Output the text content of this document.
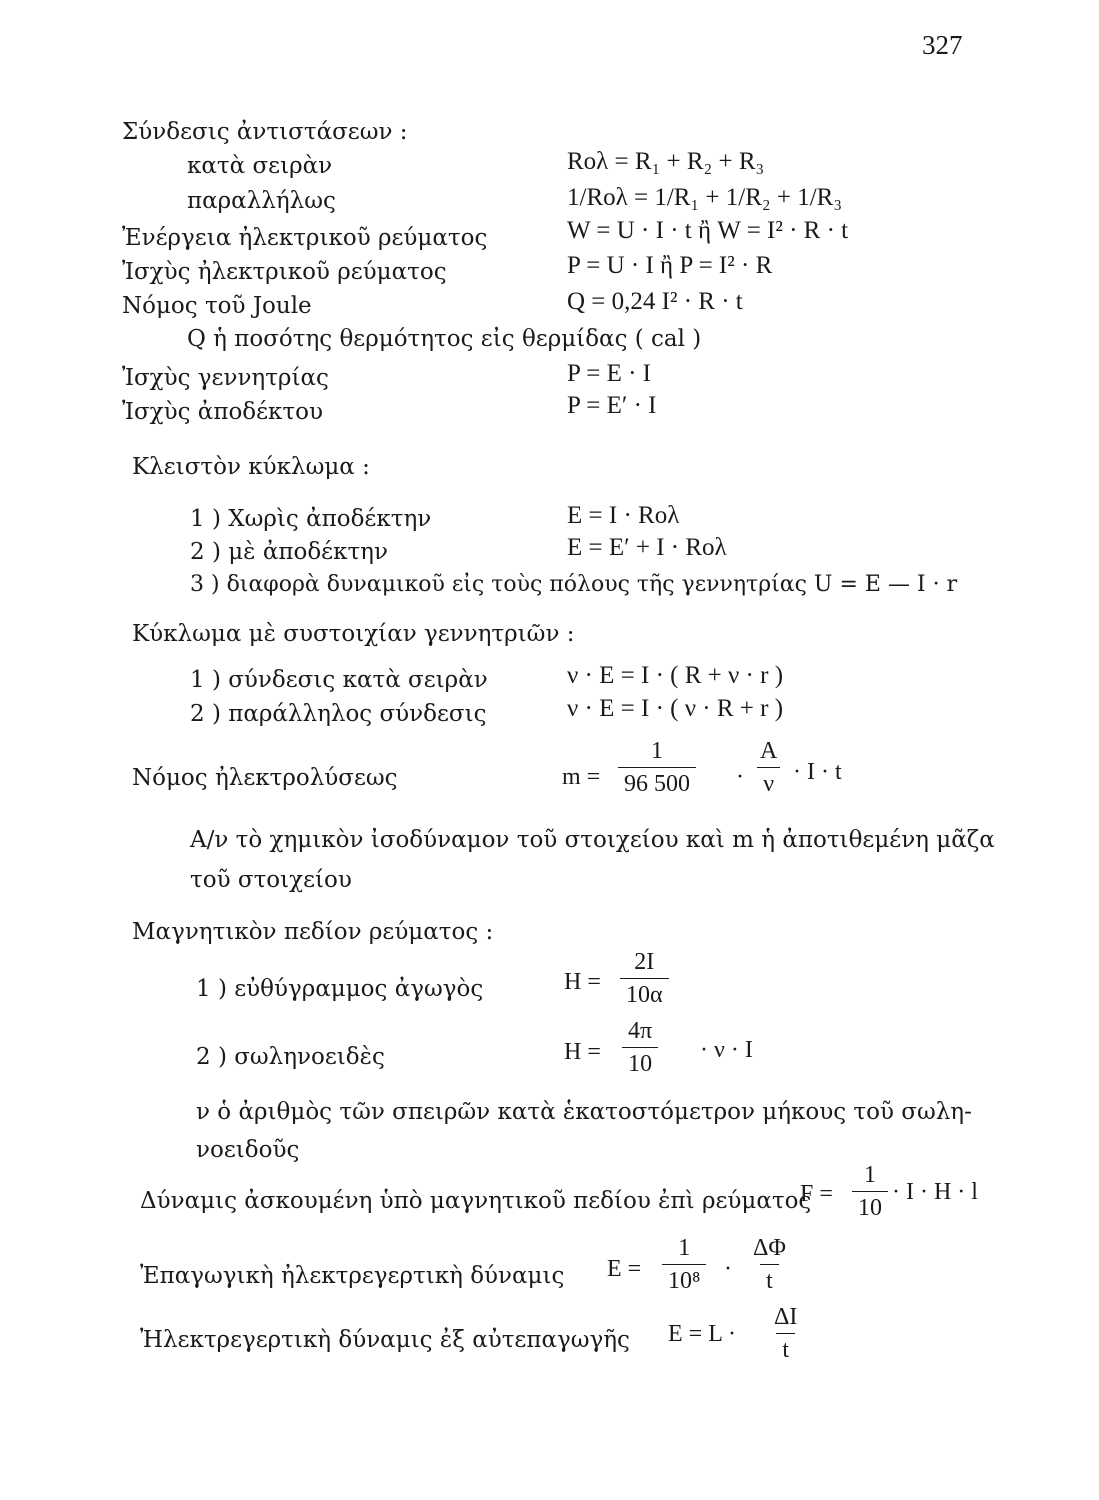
327
Σύνδεσις ἀντιστάσεων :
κατὰ σειρὰν	Rολ = R₁ + R₂ + R₃
παραλλήλως	1/Rολ = 1/R₁ + 1/R₂ + 1/R₃
Ἐνέργεια ἠλεκτρικοῦ ρεύματος	W = U · I · t ἢ W = I² · R · t
Ἰσχὺς ἠλεκτρικοῦ ρεύματος	P = U · I ἢ P = I² · R
Νόμος τοῦ Joule	Q = 0,24 I² · R · t
Q ἡ ποσότης θερμότητος εἰς θερμίδας ( cal )
Ἰσχὺς γεννητρίας	P = E · I
Ἰσχὺς ἀποδέκτου	P = E′ · I
Κλειστὸν κύκλωμα :
1 ) Χωρὶς ἀποδέκτην	E = I · Rολ
2 ) μὲ ἀποδέκτην	E = E′ + I · Rολ
3 ) διαφορὰ δυναμικοῦ εἰς τοὺς πόλους τῆς γεννητρίας U = E — I · r
Κύκλωμα μὲ συστοιχίαν γεννητριῶν :
1 ) σύνδεσις κατὰ σειρὰν	ν · E = I · ( R + ν · r )
2 ) παράλληλος σύνδεσις	ν · E = I · ( ν · R + r )
Νόμος ἠλεκτρολύσεως	$m = \frac{1}{96 500} \cdot \frac{A}{\nu} \cdot I \cdot t$
A/ν τὸ χημικὸν ἰσοδύναμον τοῦ στοιχείου καὶ m ἡ ἀποτιθεμένη μᾶζα
τοῦ στοιχείου
Μαγνητικὸν πεδίον ρεύματος :
1 ) εὐθύγραμμος ἀγωγὸς	$H = \frac{2I}{10\alpha}$
2 ) σωληνοειδὲς	$H = \frac{4\pi}{10} \cdot \nu \cdot I$
ν ὁ ἀριθμὸς τῶν σπειρῶν κατὰ ἑκατοστόμετρον μήκους τοῦ σωλη-
νοειδοῦς
Δύναμις ἀσκουμένη ὑπὸ μαγνητικοῦ πεδίου ἐπὶ ρεύματος
$F = \frac{1}{10} \cdot I \cdot H \cdot l$
Ἐπαγωγικὴ ἠλεκτρεγερτικὴ δύναμις $E = \frac{1}{\text{10⁸}} \cdot \frac{\Delta\Phi}{t}$
Ἠλεκτρεγερτικὴ δύναμις ἐξ αὐτεπαγωγῆς $E = L \cdot \frac{\Delta I}{t}$
